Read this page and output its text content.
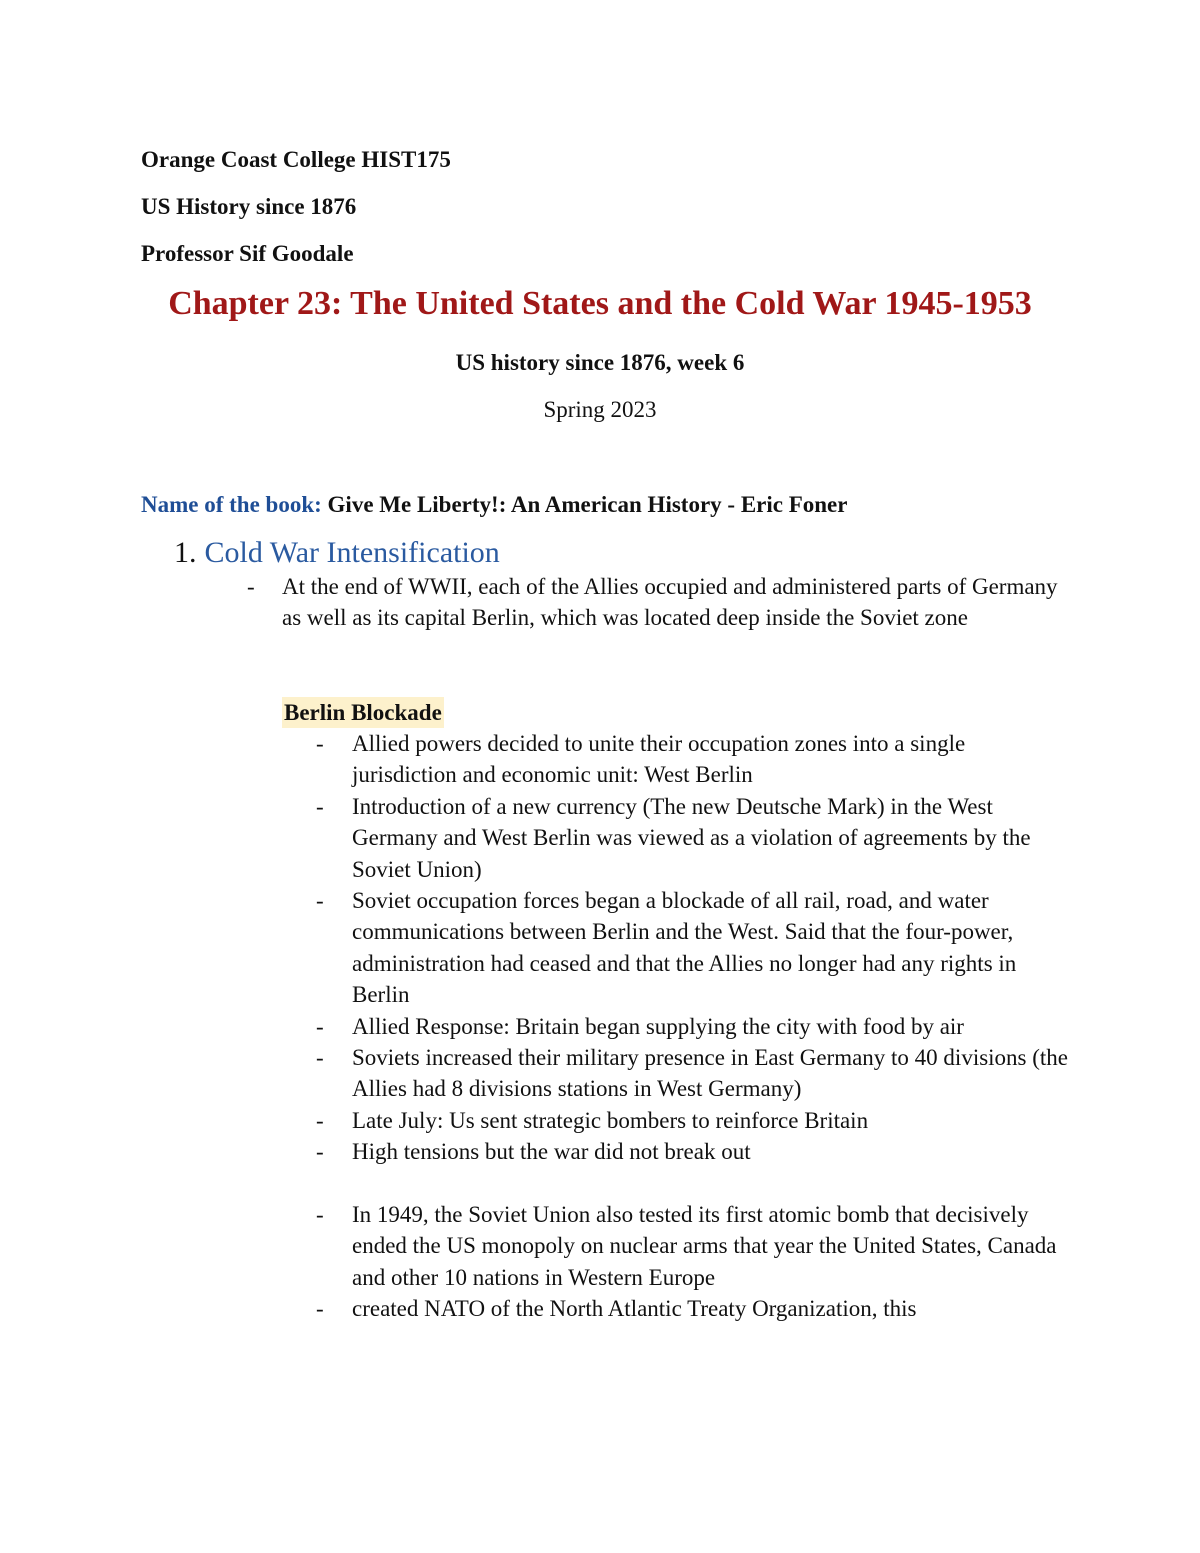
Orange Coast College HIST175
US History since 1876
Professor Sif Goodale
Chapter 23: The United States and the Cold War 1945-1953
US history since 1876, week 6
Spring 2023
Name of the book: Give Me Liberty!: An American History - Eric Foner
1. Cold War Intensification
- At the end of WWII, each of the Allies occupied and administered parts of Germany as well as its capital Berlin, which was located deep inside the Soviet zone
Berlin Blockade
- Allied powers decided to unite their occupation zones into a single jurisdiction and economic unit: West Berlin
- Introduction of a new currency (The new Deutsche Mark) in the West Germany and West Berlin was viewed as a violation of agreements by the Soviet Union)
- Soviet occupation forces began a blockade of all rail, road, and water communications between Berlin and the West. Said that the four-power, administration had ceased and that the Allies no longer had any rights in Berlin
- Allied Response: Britain began supplying the city with food by air
- Soviets increased their military presence in East Germany to 40 divisions (the Allies had 8 divisions stations in West Germany)
- Late July: Us sent strategic bombers to reinforce Britain
- High tensions but the war did not break out
- In 1949, the Soviet Union also tested its first atomic bomb that decisively ended the US monopoly on nuclear arms that year the United States, Canada and other 10 nations in Western Europe
- created NATO of the North Atlantic Treaty Organization, this
